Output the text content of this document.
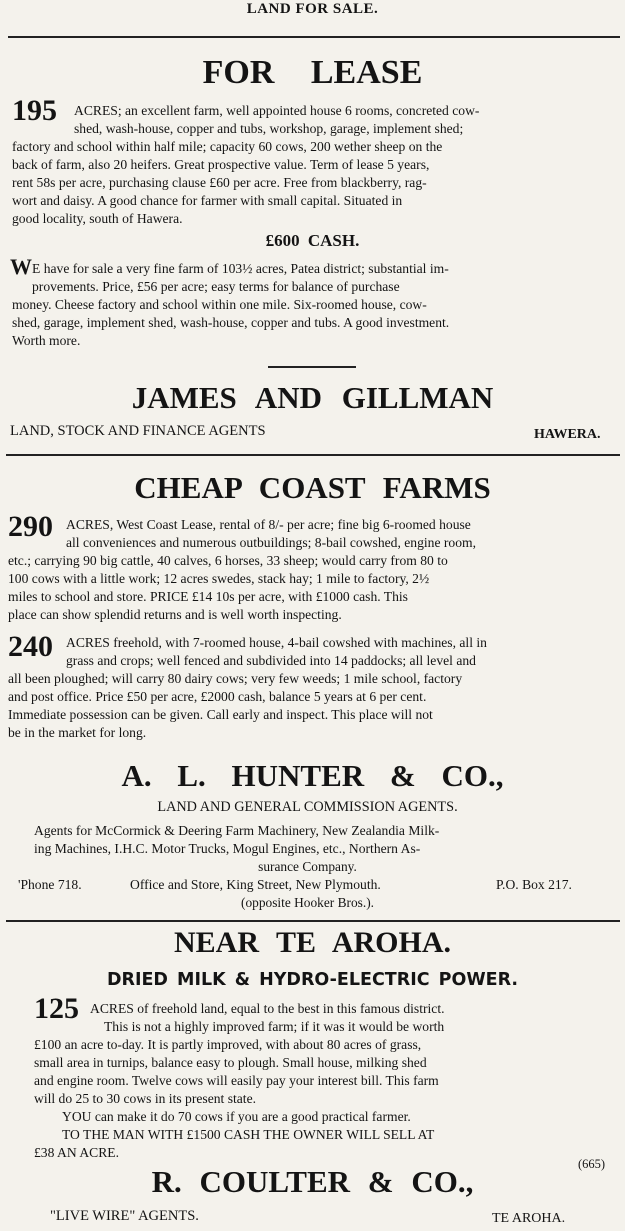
LAND FOR SALE.
FOR LEASE
195 ACRES; an excellent farm, well appointed house 6 rooms, concreted cow-
shed, wash-house, copper and tubs, workshop, garage, implement shed;
factory and school within half mile; capacity 60 cows, 200 wether sheep on the
back of farm, also 20 heifers. Great prospective value. Term of lease 5 years,
rent 58s per acre, purchasing clause £60 per acre. Free from blackberry, rag-
wort and daisy. A good chance for farmer with small capital. Situated in
good locality, south of Hawera.
£600 CASH.
W E have for sale a very fine farm of 103½ acres, Patea district; substantial im-
provements. Price, £56 per acre; easy terms for balance of purchase
money. Cheese factory and school within one mile. Six-roomed house, cow-
shed, garage, implement shed, wash-house, copper and tubs. A good investment.
Worth more.
JAMES AND GILLMAN
LAND, STOCK AND FINANCE AGENTS	HAWERA.
CHEAP COAST FARMS
290 ACRES, West Coast Lease, rental of 8/- per acre; fine big 6-roomed house
all conveniences and numerous outbuildings; 8-bail cowshed, engine room,
etc.; carrying 90 big cattle, 40 calves, 6 horses, 33 sheep; would carry from 80 to
100 cows with a little work; 12 acres swedes, stack hay; 1 mile to factory, 2½
miles to school and store. PRICE £14 10s per acre, with £1000 cash. This
place can show splendid returns and is well worth inspecting.
240 ACRES freehold, with 7-roomed house, 4-bail cowshed with machines, all in
grass and crops; well fenced and subdivided into 14 paddocks; all level and
all been ploughed; will carry 80 dairy cows; very few weeds; 1 mile school, factory
and post office. Price £50 per acre, £2000 cash, balance 5 years at 6 per cent.
Immediate possession can be given. Call early and inspect. This place will not
be in the market for long.
A. L. HUNTER & CO.,
LAND AND GENERAL COMMISSION AGENTS.
Agents for McCormick & Deering Farm Machinery, New Zealandia Milk-
ing Machines, I.H.C. Motor Trucks, Mogul Engines, etc., Northern As-
surance Company.
'Phone 718.	Office and Store, King Street, New Plymouth.	P.O. Box 217.
(opposite Hooker Bros.).
NEAR TE AROHA.
DRIED MILK & HYDRO-ELECTRIC POWER.
125 ACRES of freehold land, equal to the best in this famous district.
This is not a highly improved farm; if it was it would be worth
£100 an acre to-day. It is partly improved, with about 80 acres of grass,
small area in turnips, balance easy to plough. Small house, milking shed
and engine room. Twelve cows will easily pay your interest bill. This farm
will do 25 to 30 cows in its present state.
YOU can make it do 70 cows if you are a good practical farmer.
TO THE MAN WITH £1500 CASH THE OWNER WILL SELL AT
£38 AN ACRE.
(665)
R. COULTER & CO.,
"LIVE WIRE" AGENTS.	TE AROHA.
